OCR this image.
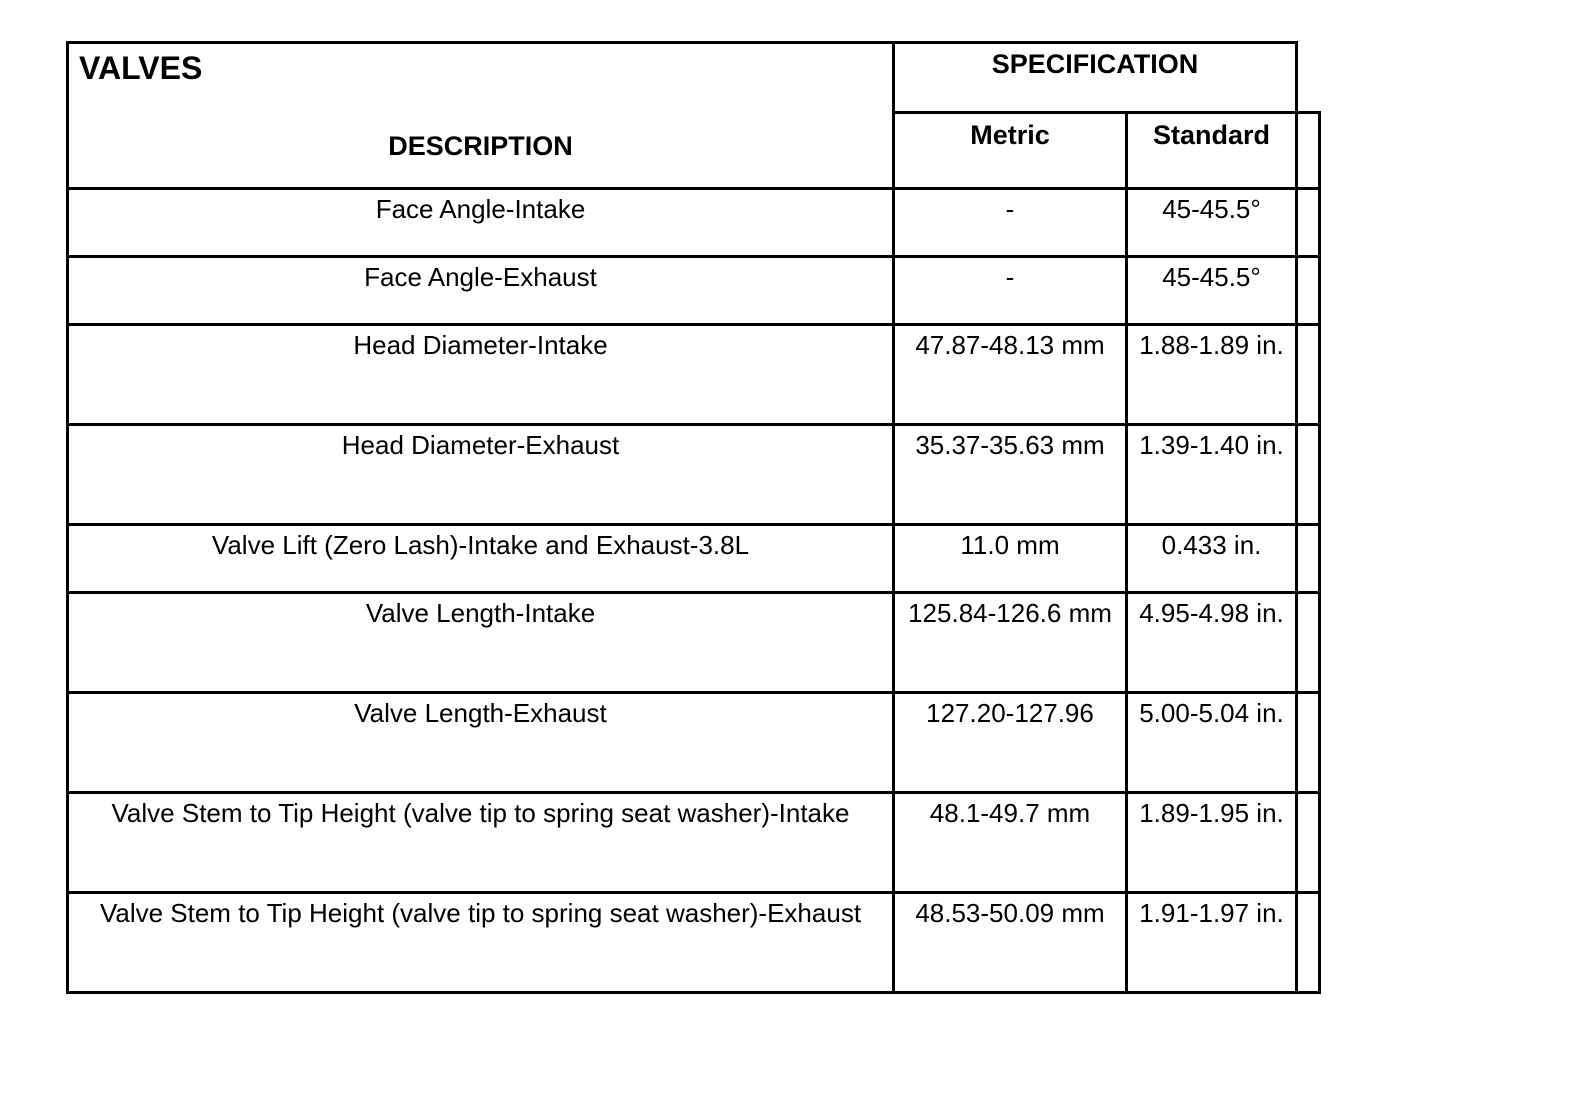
VALVES
DESCRIPTION	SPECIFICATION		
	Metric	Standard	
Face Angle-Intake	-	45-45.5°	
Face Angle-Exhaust	-	45-45.5°	
Head Diameter-Intake	47.87-48.13 mm	1.88-1.89 in.	
Head Diameter-Exhaust	35.37-35.63 mm	1.39-1.40 in.	
Valve Lift (Zero Lash)-Intake and Exhaust-3.8L	11.0 mm	0.433 in.	
Valve Length-Intake	125.84-126.6 mm	4.95-4.98 in.	
Valve Length-Exhaust	127.20-127.96	5.00-5.04 in.	
Valve Stem to Tip Height (valve tip to spring seat washer)-Intake	48.1-49.7 mm	1.89-1.95 in.	
Valve Stem to Tip Height (valve tip to spring seat washer)-Exhaust	48.53-50.09 mm	1.91-1.97 in.	
